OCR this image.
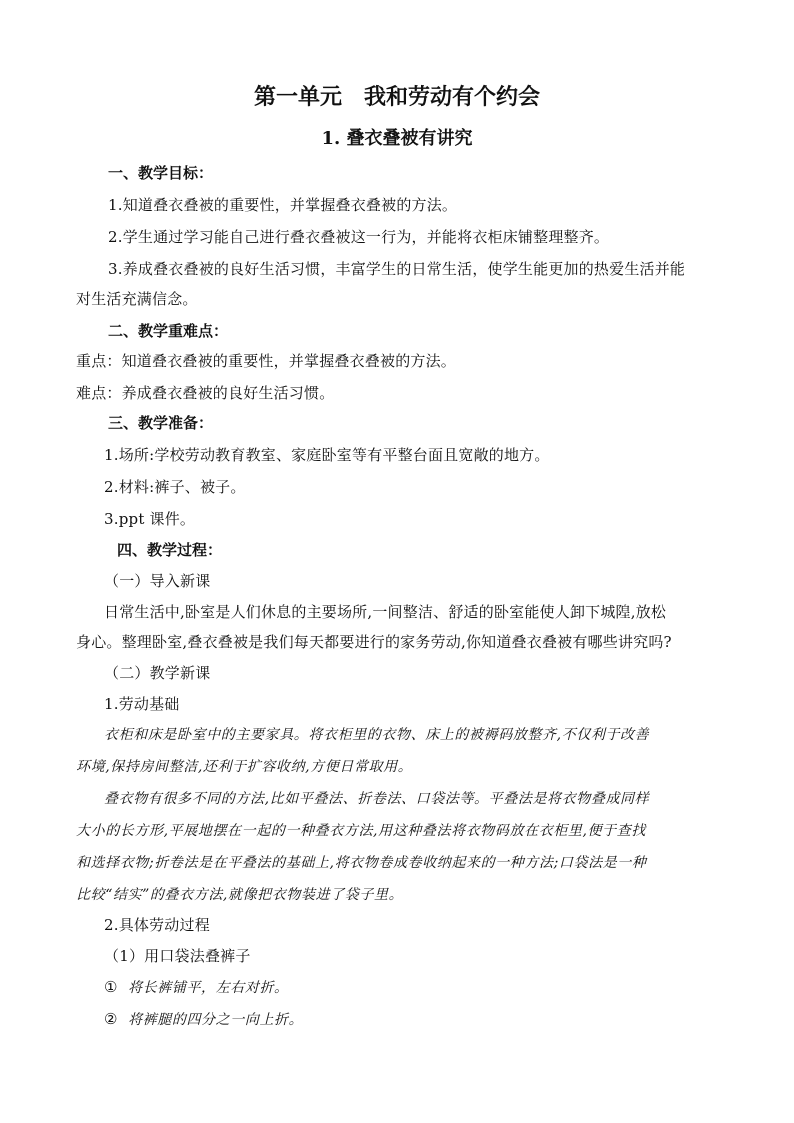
第一单元　我和劳动有个约会
1. 叠衣叠被有讲究
一、教学目标：
1.知道叠衣叠被的重要性，并掌握叠衣叠被的方法。
2.学生通过学习能自己进行叠衣叠被这一行为，并能将衣柜床铺整理整齐。
3.养成叠衣叠被的良好生活习惯，丰富学生的日常生活，使学生能更加的热爱生活并能
对生活充满信念。
二、教学重难点：
重点：知道叠衣叠被的重要性，并掌握叠衣叠被的方法。
难点：养成叠衣叠被的良好生活习惯。
三、教学准备：
1.场所:学校劳动教育教室、家庭卧室等有平整台面且宽敞的地方。
2.材料:裤子、被子。
3.ppt 课件。
四、教学过程：
（一）导入新课
日常生活中,卧室是人们休息的主要场所,一间整洁、舒适的卧室能使人卸下城隍,放松
身心。整理卧室,叠衣叠被是我们每天都要进行的家务劳动,你知道叠衣叠被有哪些讲究吗?
（二）教学新课
1.劳动基础
衣柜和床是卧室中的主要家具。将衣柜里的衣物、床上的被褥码放整齐,不仅利于改善
环境,保持房间整洁,还利于扩容收纳,方便日常取用。
叠衣物有很多不同的方法,比如平叠法、折卷法、口袋法等。平叠法是将衣物叠成同样
大小的长方形,平展地摆在一起的一种叠衣方法,用这种叠法将衣物码放在衣柜里,便于查找
和选择衣物;折卷法是在平叠法的基础上,将衣物卷成卷收纳起来的一种方法;口袋法是一种
比较“结实”的叠衣方法,就像把衣物装进了袋子里。
2.具体劳动过程
（1）用口袋法叠裤子
① 将长裤铺平，左右对折。
② 将裤腿的四分之一向上折。
